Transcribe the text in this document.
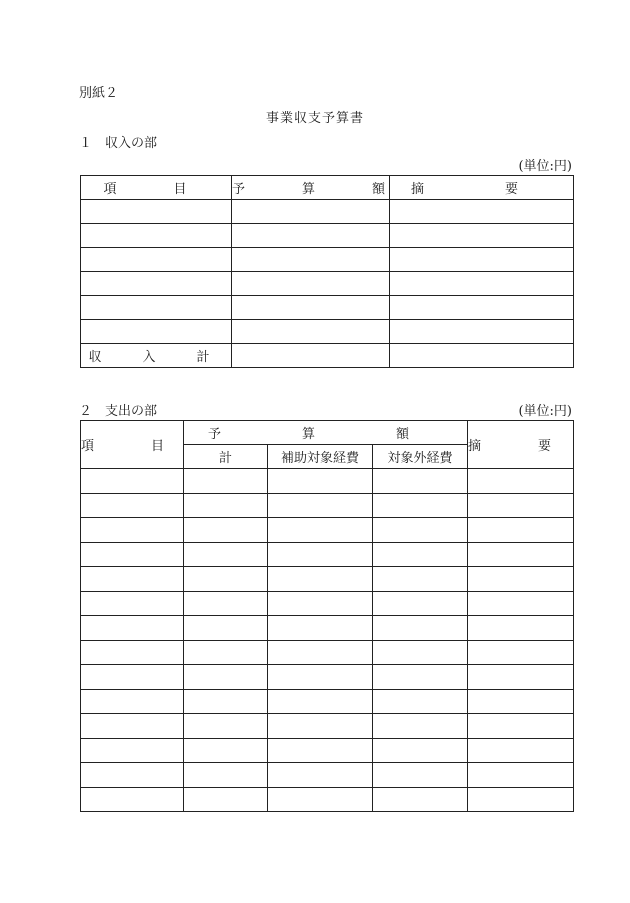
別紙２
事業収支予算書
１　収入の部
(単位:円)
項　目	予　算　額	摘　要

収　入　計		
２　支出の部	(単位:円)
項　目	予　算　額			摘　要
	計	補助対象経費	対象外経費	
